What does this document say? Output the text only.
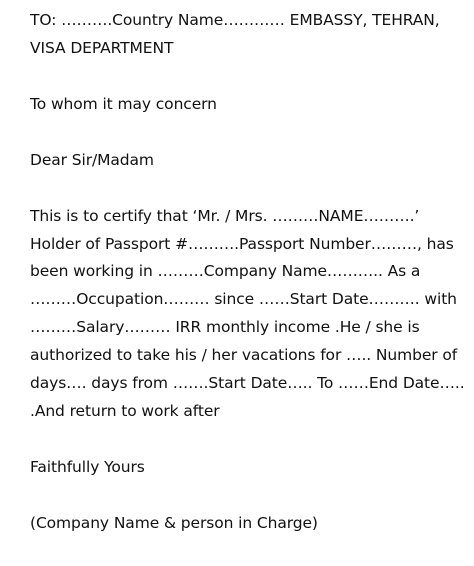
TO: ……….Country Name………… EMBASSY, TEHRAN,
VISA DEPARTMENT
To whom it may concern
Dear Sir/Madam
This is to certify that ‘Mr. / Mrs. ………NAME……….’
Holder of Passport #……….Passport Number………, has
been working in ………Company Name……….. As a
………Occupation……… since ……Start Date………. with
………Salary……… IRR monthly income .He / she is
authorized to take his / her vacations for ….. Number of
days…. days from …….Start Date….. To ……End Date…..
.And return to work after
Faithfully Yours
(Company Name & person in Charge)
